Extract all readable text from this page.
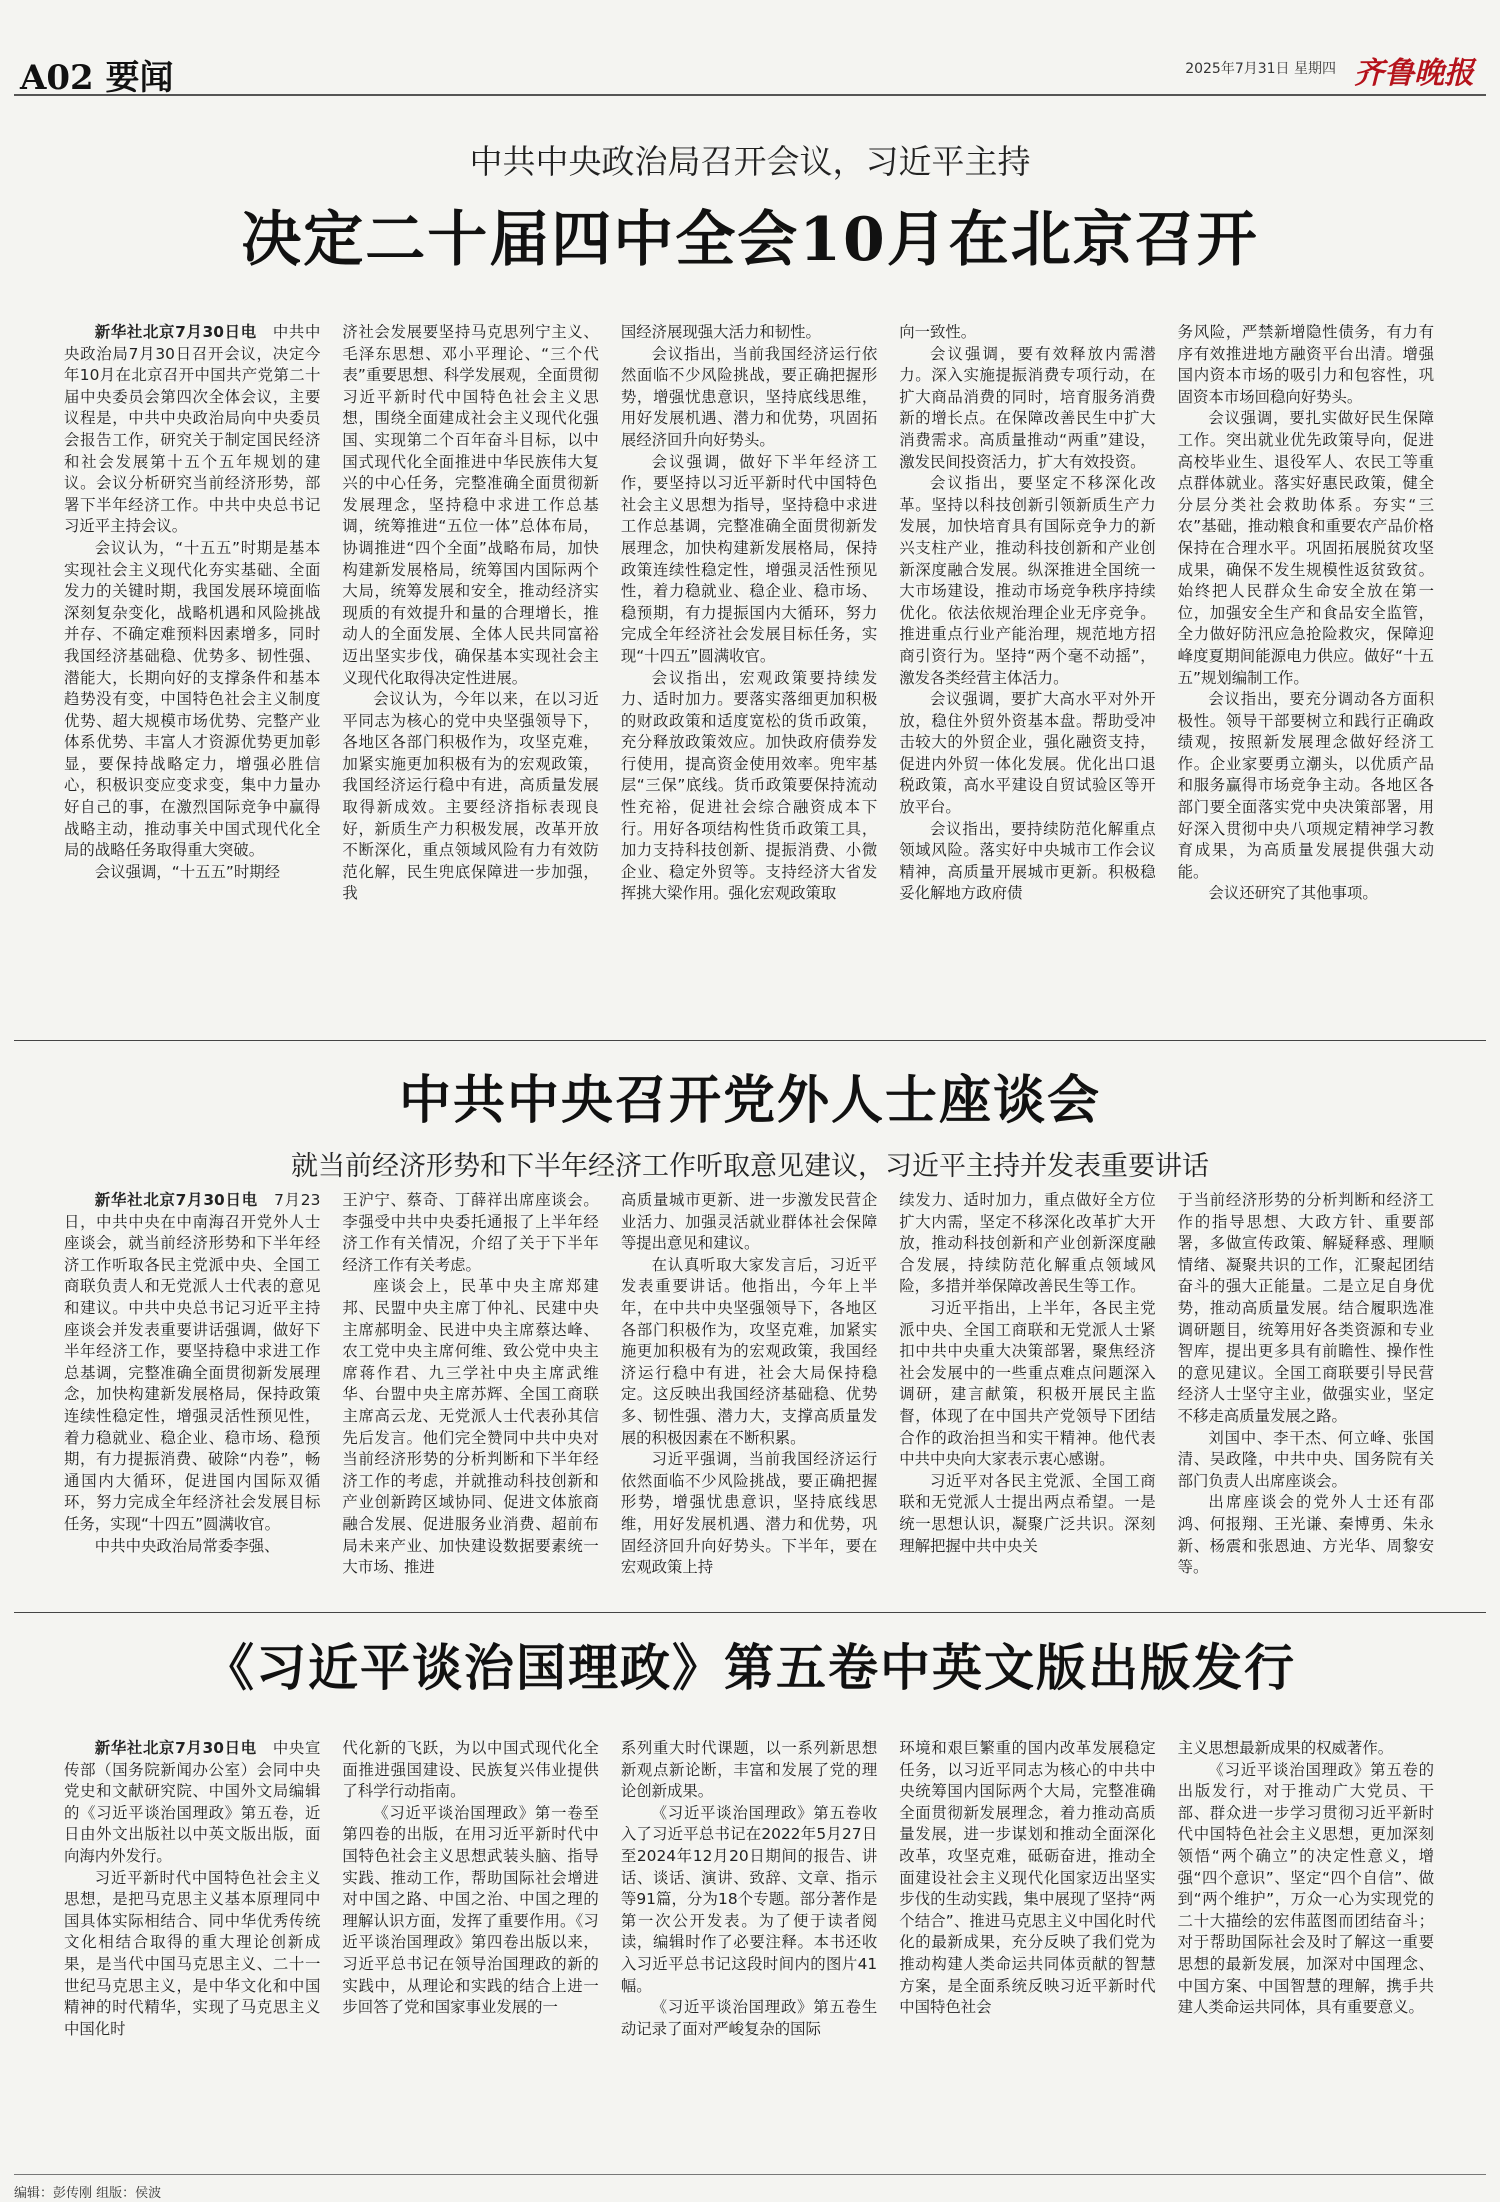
A02 要闻	2025年7月31日 星期四 齐鲁晚报
中共中央政治局召开会议，习近平主持
决定二十届四中全会10月在北京召开

新华社北京7月30日电　 中共中央政治局7月30日召开会议，决定今年10月在北京召开中国共产党第二十届中央委员会第四次全体会议，主要议程是，中共中央政治局向中央委员会报告工作，研究关于制定国民经济和社会发展第十五个五年规划的建议。会议分析研究当前经济形势，部署下半年经济工作。中共中央总书记习近平主持会议。

会议认为，“十五五”时期是基本实现社会主义现代化夯实基础、全面发力的关键时期，我国发展环境面临深刻复杂变化，战略机遇和风险挑战并存、不确定难预料因素增多，同时我国经济基础稳、优势多、韧性强、潜能大，长期向好的支撑条件和基本趋势没有变，中国特色社会主义制度优势、超大规模市场优势、完整产业体系优势、丰富人才资源优势更加彰显，要保持战略定力，增强必胜信心，积极识变应变求变，集中力量办好自己的事，在激烈国际竞争中赢得战略主动，推动事关中国式现代化全局的战略任务取得重大突破。

会议强调，“十五五”时期经

济社会发展要坚持马克思列宁主义、毛泽东思想、邓小平理论、“三个代表”重要思想、科学发展观，全面贯彻习近平新时代中国特色社会主义思想，围绕全面建成社会主义现代化强国、实现第二个百年奋斗目标，以中国式现代化全面推进中华民族伟大复兴的中心任务，完整准确全面贯彻新发展理念，坚持稳中求进工作总基调，统筹推进“五位一体”总体布局，协调推进“四个全面”战略布局，加快构建新发展格局，统筹国内国际两个大局，统筹发展和安全，推动经济实现质的有效提升和量的合理增长，推动人的全面发展、全体人民共同富裕迈出坚实步伐，确保基本实现社会主义现代化取得决定性进展。

会议认为，今年以来，在以习近平同志为核心的党中央坚强领导下，各地区各部门积极作为，攻坚克难，加紧实施更加积极有为的宏观政策，我国经济运行稳中有进，高质量发展取得新成效。主要经济指标表现良好，新质生产力积极发展，改革开放不断深化，重点领域风险有力有效防范化解，民生兜底保障进一步加强，我

国经济展现强大活力和韧性。

会议指出，当前我国经济运行依然面临不少风险挑战，要正确把握形势，增强忧患意识，坚持底线思维，用好发展机遇、潜力和优势，巩固拓展经济回升向好势头。

会议强调，做好下半年经济工作，要坚持以习近平新时代中国特色社会主义思想为指导，坚持稳中求进工作总基调，完整准确全面贯彻新发展理念，加快构建新发展格局，保持政策连续性稳定性，增强灵活性预见性，着力稳就业、稳企业、稳市场、稳预期，有力提振国内大循环，努力完成全年经济社会发展目标任务，实现“十四五”圆满收官。

会议指出，宏观政策要持续发力、适时加力。要落实落细更加积极的财政政策和适度宽松的货币政策，充分释放政策效应。加快政府债券发行使用，提高资金使用效率。兜牢基层“三保”底线。货币政策要保持流动性充裕，促进社会综合融资成本下行。用好各项结构性货币政策工具，加力支持科技创新、提振消费、小微企业、稳定外贸等。支持经济大省发挥挑大梁作用。强化宏观政策取

向一致性。

会议强调，要有效释放内需潜力。深入实施提振消费专项行动，在扩大商品消费的同时，培育服务消费新的增长点。在保障改善民生中扩大消费需求。高质量推动“两重”建设，激发民间投资活力，扩大有效投资。

会议指出，要坚定不移深化改革。坚持以科技创新引领新质生产力发展，加快培育具有国际竞争力的新兴支柱产业，推动科技创新和产业创新深度融合发展。纵深推进全国统一大市场建设，推动市场竞争秩序持续优化。依法依规治理企业无序竞争。推进重点行业产能治理，规范地方招商引资行为。坚持“两个毫不动摇”，激发各类经营主体活力。

会议强调，要扩大高水平对外开放，稳住外贸外资基本盘。帮助受冲击较大的外贸企业，强化融资支持，促进内外贸一体化发展。优化出口退税政策，高水平建设自贸试验区等开放平台。

会议指出，要持续防范化解重点领域风险。落实好中央城市工作会议精神，高质量开展城市更新。积极稳妥化解地方政府债

务风险，严禁新增隐性债务，有力有序有效推进地方融资平台出清。增强国内资本市场的吸引力和包容性，巩固资本市场回稳向好势头。

会议强调，要扎实做好民生保障工作。突出就业优先政策导向，促进高校毕业生、退役军人、农民工等重点群体就业。落实好惠民政策，健全分层分类社会救助体系。夯实“三农”基础，推动粮食和重要农产品价格保持在合理水平。巩固拓展脱贫攻坚成果，确保不发生规模性返贫致贫。始终把人民群众生命安全放在第一位，加强安全生产和食品安全监管，全力做好防汛应急抢险救灾，保障迎峰度夏期间能源电力供应。做好“十五五”规划编制工作。

会议指出，要充分调动各方面积极性。领导干部要树立和践行正确政绩观，按照新发展理念做好经济工作。企业家要勇立潮头，以优质产品和服务赢得市场竞争主动。各地区各部门要全面落实党中央决策部署，用好深入贯彻中央八项规定精神学习教育成果，为高质量发展提供强大动能。

会议还研究了其他事项。

中共中央召开党外人士座谈会
就当前经济形势和下半年经济工作听取意见建议，习近平主持并发表重要讲话

新华社北京7月30日电　 7月23日，中共中央在中南海召开党外人士座谈会，就当前经济形势和下半年经济工作听取各民主党派中央、全国工商联负责人和无党派人士代表的意见和建议。中共中央总书记习近平主持座谈会并发表重要讲话强调，做好下半年经济工作，要坚持稳中求进工作总基调，完整准确全面贯彻新发展理念，加快构建新发展格局，保持政策连续性稳定性，增强灵活性预见性，着力稳就业、稳企业、稳市场、稳预期，有力提振消费、破除“内卷”，畅通国内大循环，促进国内国际双循环，努力完成全年经济社会发展目标任务，实现“十四五”圆满收官。

中共中央政治局常委李强、

王沪宁、蔡奇、丁薛祥出席座谈会。李强受中共中央委托通报了上半年经济工作有关情况，介绍了关于下半年经济工作有关考虑。

座谈会上，民革中央主席郑建邦、民盟中央主席丁仲礼、民建中央主席郝明金、民进中央主席蔡达峰、农工党中央主席何维、致公党中央主席蒋作君、九三学社中央主席武维华、台盟中央主席苏辉、全国工商联主席高云龙、无党派人士代表孙其信先后发言。他们完全赞同中共中央对当前经济形势的分析判断和下半年经济工作的考虑，并就推动科技创新和产业创新跨区域协同、促进文体旅商融合发展、促进服务业消费、超前布局未来产业、加快建设数据要素统一大市场、推进

高质量城市更新、进一步激发民营企业活力、加强灵活就业群体社会保障等提出意见和建议。

在认真听取大家发言后，习近平发表重要讲话。他指出，今年上半年，在中共中央坚强领导下，各地区各部门积极作为，攻坚克难，加紧实施更加积极有为的宏观政策，我国经济运行稳中有进，社会大局保持稳定。这反映出我国经济基础稳、优势多、韧性强、潜力大，支撑高质量发展的积极因素在不断积累。

习近平强调，当前我国经济运行依然面临不少风险挑战，要正确把握形势，增强忧患意识，坚持底线思维，用好发展机遇、潜力和优势，巩固经济回升向好势头。下半年，要在宏观政策上持

续发力、适时加力，重点做好全方位扩大内需，坚定不移深化改革扩大开放，推动科技创新和产业创新深度融合发展，持续防范化解重点领域风险，多措并举保障改善民生等工作。

习近平指出，上半年，各民主党派中央、全国工商联和无党派人士紧扣中共中央重大决策部署，聚焦经济社会发展中的一些重点难点问题深入调研，建言献策，积极开展民主监督，体现了在中国共产党领导下团结合作的政治担当和实干精神。他代表中共中央向大家表示衷心感谢。

习近平对各民主党派、全国工商联和无党派人士提出两点希望。一是统一思想认识，凝聚广泛共识。深刻理解把握中共中央关

于当前经济形势的分析判断和经济工作的指导思想、大政方针、重要部署，多做宣传政策、解疑释惑、理顺情绪、凝聚共识的工作，汇聚起团结奋斗的强大正能量。二是立足自身优势，推动高质量发展。结合履职选准调研题目，统筹用好各类资源和专业智库，提出更多具有前瞻性、操作性的意见建议。全国工商联要引导民营经济人士坚守主业，做强实业，坚定不移走高质量发展之路。

刘国中、李干杰、何立峰、张国清、吴政隆，中共中央、国务院有关部门负责人出席座谈会。

出席座谈会的党外人士还有邵鸿、何报翔、王光谦、秦博勇、朱永新、杨震和张恩迪、方光华、周黎安等。

《习近平谈治国理政》第五卷中英文版出版发行

新华社北京7月30日电　 中央宣传部（国务院新闻办公室）会同中央党史和文献研究院、中国外文局编辑的《习近平谈治国理政》第五卷，近日由外文出版社以中英文版出版，面向海内外发行。

习近平新时代中国特色社会主义思想，是把马克思主义基本原理同中国具体实际相结合、同中华优秀传统文化相结合取得的重大理论创新成果，是当代中国马克思主义、二十一世纪马克思主义，是中华文化和中国精神的时代精华，实现了马克思主义中国化时

代化新的飞跃，为以中国式现代化全面推进强国建设、民族复兴伟业提供了科学行动指南。

《习近平谈治国理政》第一卷至第四卷的出版，在用习近平新时代中国特色社会主义思想武装头脑、指导实践、推动工作，帮助国际社会增进对中国之路、中国之治、中国之理的理解认识方面，发挥了重要作用。《习近平谈治国理政》第四卷出版以来，习近平总书记在领导治国理政的新的实践中，从理论和实践的结合上进一步回答了党和国家事业发展的一

系列重大时代课题，以一系列新思想新观点新论断，丰富和发展了党的理论创新成果。

《习近平谈治国理政》第五卷收入了习近平总书记在2022年5月27日至2024年12月20日期间的报告、讲话、谈话、演讲、致辞、文章、指示等91篇，分为18个专题。部分著作是第一次公开发表。为了便于读者阅读，编辑时作了必要注释。本书还收入习近平总书记这段时间内的图片41幅。

《习近平谈治国理政》第五卷生动记录了面对严峻复杂的国际

环境和艰巨繁重的国内改革发展稳定任务，以习近平同志为核心的中共中央统筹国内国际两个大局，完整准确全面贯彻新发展理念，着力推动高质量发展，进一步谋划和推动全面深化改革，攻坚克难，砥砺奋进，推动全面建设社会主义现代化国家迈出坚实步伐的生动实践，集中展现了坚持“两个结合”、推进马克思主义中国化时代化的最新成果，充分反映了我们党为推动构建人类命运共同体贡献的智慧方案，是全面系统反映习近平新时代中国特色社会

主义思想最新成果的权威著作。

《习近平谈治国理政》第五卷的出版发行，对于推动广大党员、干部、群众进一步学习贯彻习近平新时代中国特色社会主义思想，更加深刻领悟“两个确立”的决定性意义，增强“四个意识”、坚定“四个自信”、做到“两个维护”，万众一心为实现党的二十大描绘的宏伟蓝图而团结奋斗；对于帮助国际社会及时了解这一重要思想的最新发展，加深对中国理念、中国方案、中国智慧的理解，携手共建人类命运共同体，具有重要意义。

编辑：彭传刚 组版：侯波
